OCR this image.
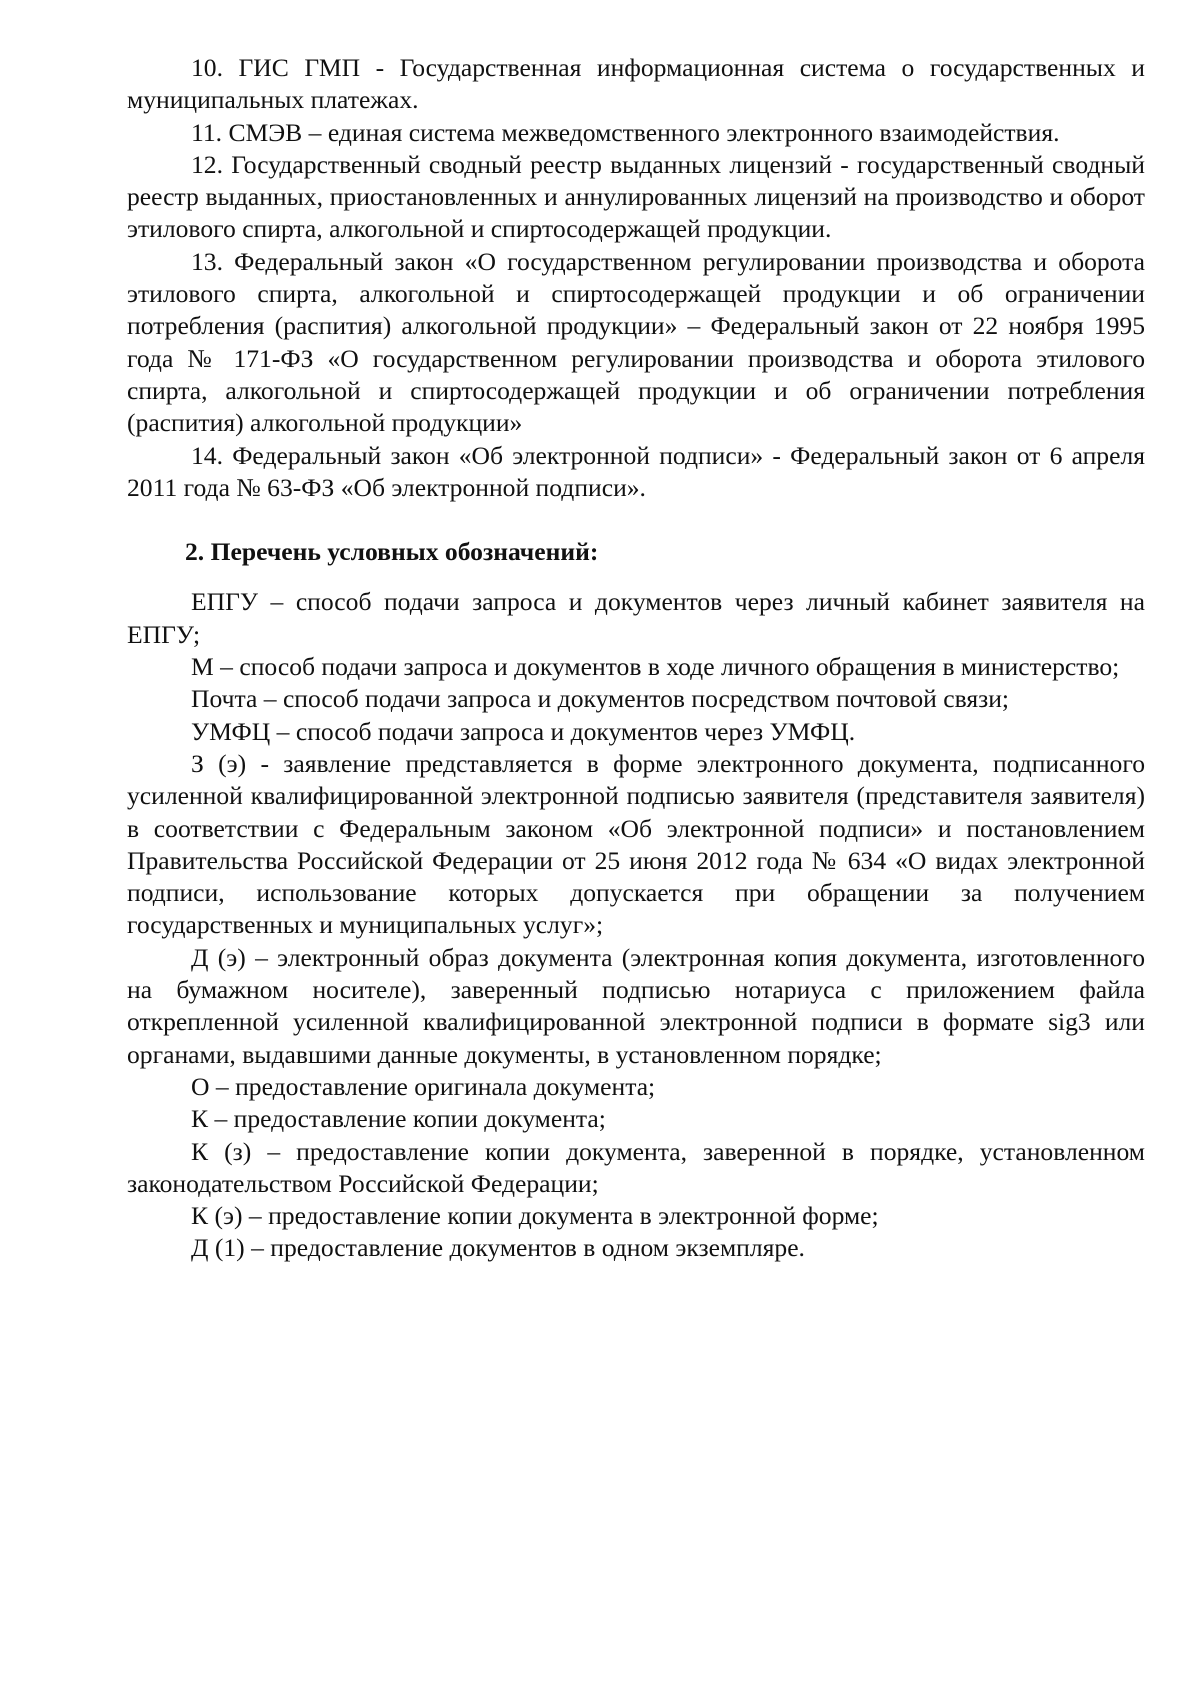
10. ГИС ГМП - Государственная информационная система о государственных и муниципальных платежах.

11. СМЭВ – единая система межведомственного электронного взаимодействия.

12. Государственный сводный реестр выданных лицензий - государственный сводный реестр выданных, приостановленных и аннулированных лицензий на производство и оборот этилового спирта, алкогольной и спиртосодержащей продукции.

13. Федеральный закон «О государственном регулировании производства и оборота этилового спирта, алкогольной и спиртосодержащей продукции и об ограничении потребления (распития) алкогольной продукции» – Федеральный закон от 22 ноября 1995 года № 171-ФЗ «О государственном регулировании производства и оборота этилового спирта, алкогольной и спиртосодержащей продукции и об ограничении потребления (распития) алкогольной продукции»

14. Федеральный закон «Об электронной подписи» - Федеральный закон от 6 апреля 2011 года № 63-ФЗ «Об электронной подписи».

2. Перечень условных обозначений:

ЕПГУ – способ подачи запроса и документов через личный кабинет заявителя на ЕПГУ;

М – способ подачи запроса и документов в ходе личного обращения в министерство;

Почта – способ подачи запроса и документов посредством почтовой связи;

УМФЦ – способ подачи запроса и документов через УМФЦ.

З (э) - заявление представляется в форме электронного документа, подписанного усиленной квалифицированной электронной подписью заявителя (представителя заявителя) в соответствии с Федеральным законом «Об электронной подписи» и постановлением Правительства Российской Федерации от 25 июня 2012 года № 634 «О видах электронной подписи, использование которых допускается при обращении за получением государственных и муниципальных услуг»;

Д (э) – электронный образ документа (электронная копия документа, изготовленного на бумажном носителе), заверенный подписью нотариуса с приложением файла открепленной усиленной квалифицированной электронной подписи в формате sig3 или органами, выдавшими данные документы, в установленном порядке;

О – предоставление оригинала документа;

К – предоставление копии документа;

К (з) – предоставление копии документа, заверенной в порядке, установленном законодательством Российской Федерации;

К (э) – предоставление копии документа в электронной форме;

Д (1) – предоставление документов в одном экземпляре.
